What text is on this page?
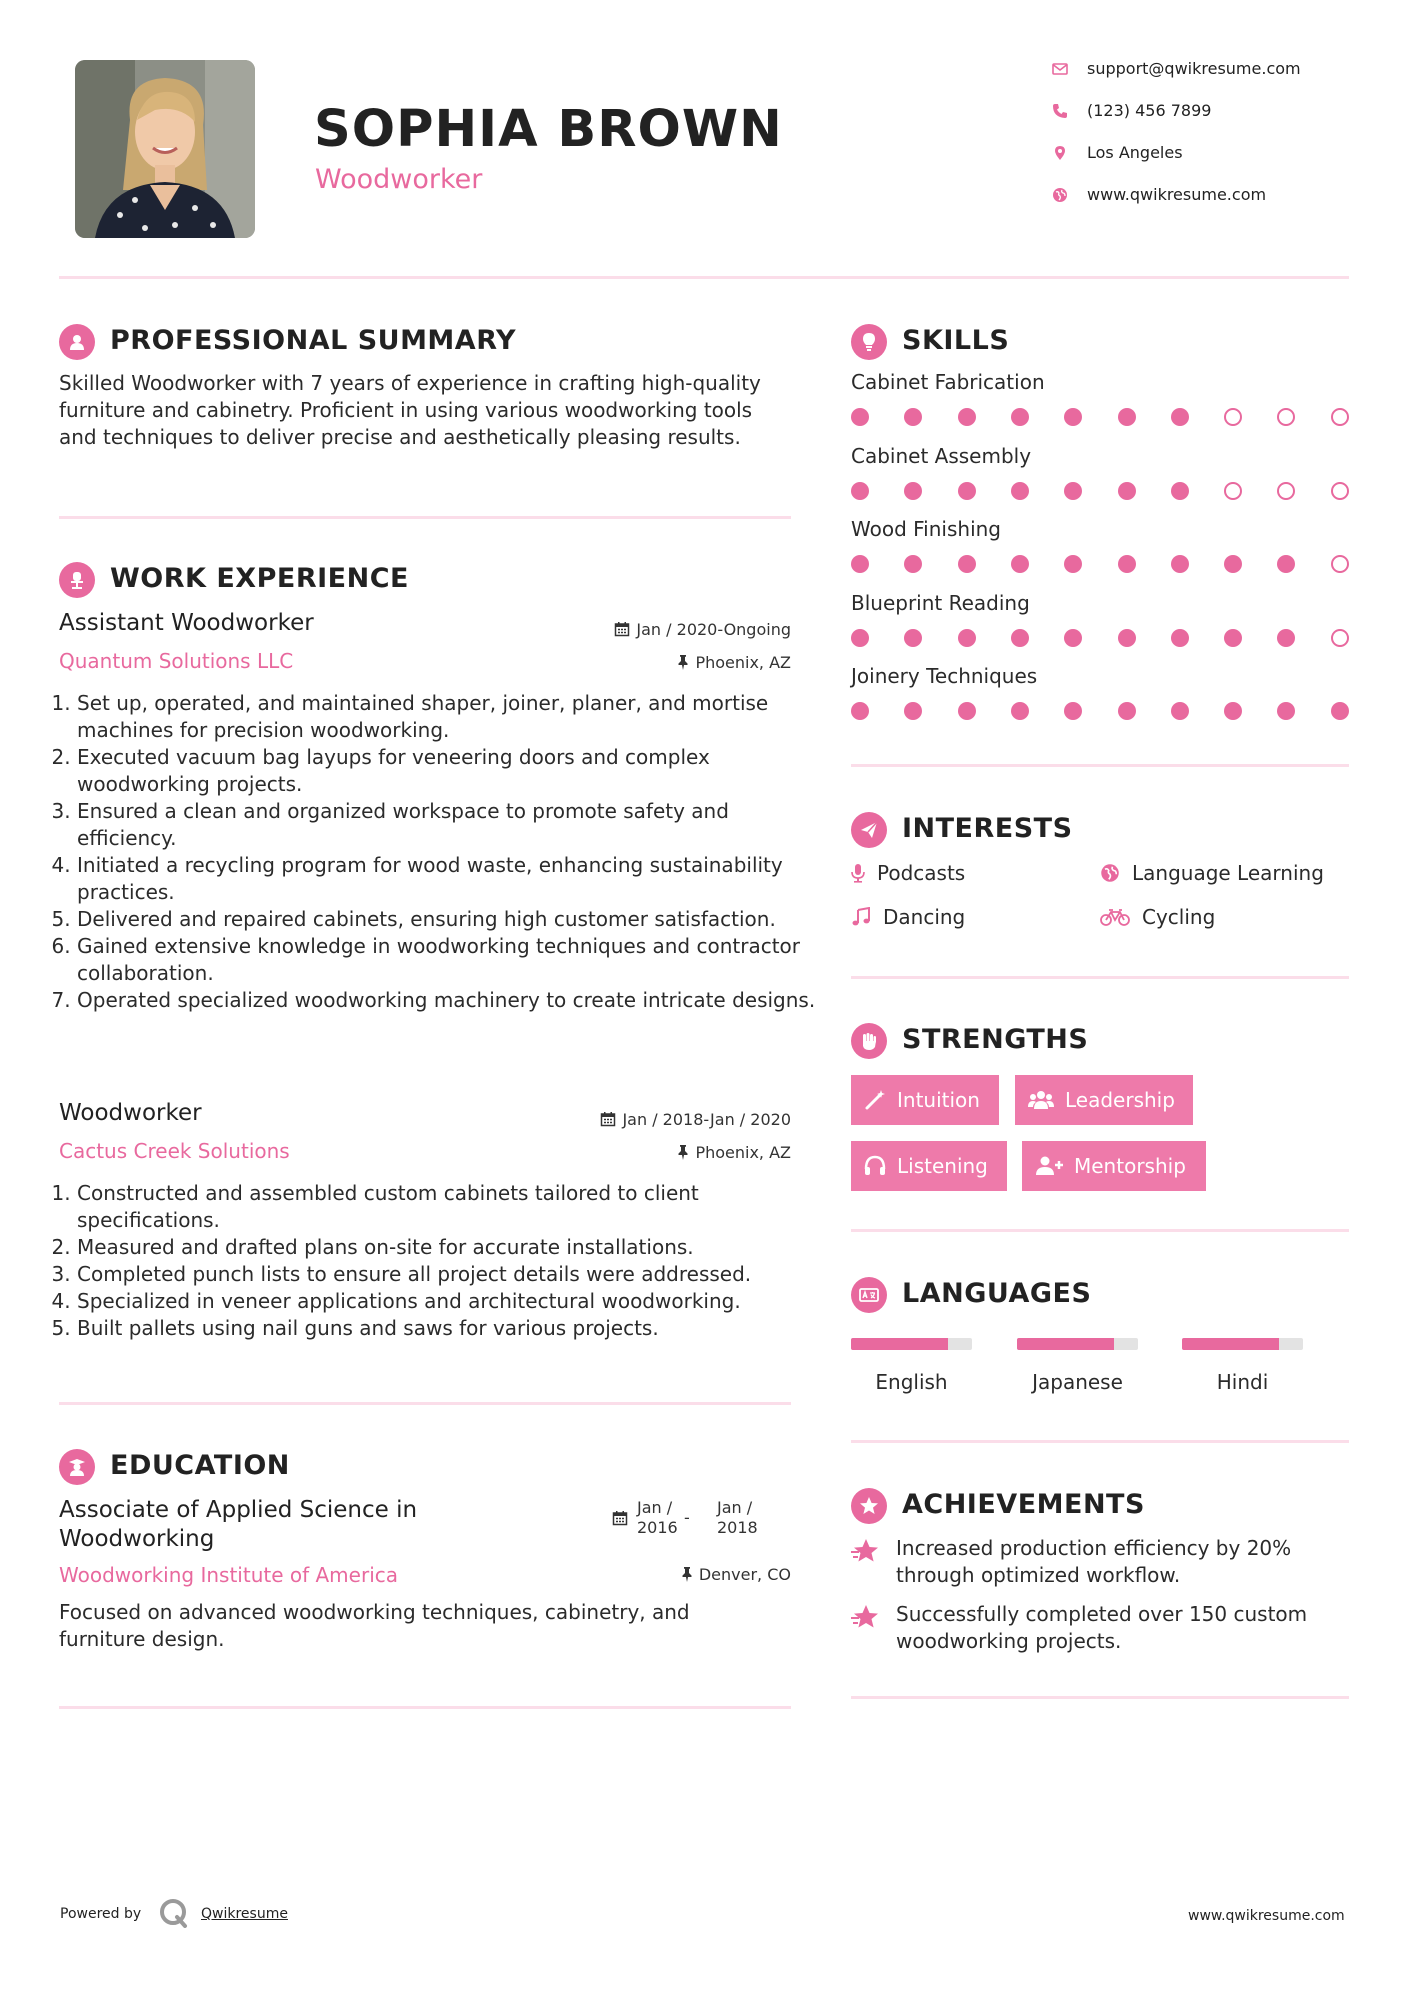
SOPHIA BROWN
Woodworker
support@qwikresume.com
(123) 456 7899
Los Angeles
www.qwikresume.com
PROFESSIONAL SUMMARY
Skilled Woodworker with 7 years of experience in crafting high-quality furniture and cabinetry. Proficient in using various woodworking tools and techniques to deliver precise and aesthetically pleasing results.
WORK EXPERIENCE
Assistant Woodworker	Jan / 2020-Ongoing
Quantum Solutions LLC	Phoenix, AZ
1. Set up, operated, and maintained shaper, joiner, planer, and mortise machines for precision woodworking.
2. Executed vacuum bag layups for veneering doors and complex woodworking projects.
3. Ensured a clean and organized workspace to promote safety and efficiency.
4. Initiated a recycling program for wood waste, enhancing sustainability practices.
5. Delivered and repaired cabinets, ensuring high customer satisfaction.
6. Gained extensive knowledge in woodworking techniques and contractor collaboration.
7. Operated specialized woodworking machinery to create intricate designs.
Woodworker	Jan / 2018-Jan / 2020
Cactus Creek Solutions	Phoenix, AZ
1. Constructed and assembled custom cabinets tailored to client specifications.
2. Measured and drafted plans on-site for accurate installations.
3. Completed punch lists to ensure all project details were addressed.
4. Specialized in veneer applications and architectural woodworking.
5. Built pallets using nail guns and saws for various projects.
EDUCATION
Associate of Applied Science in
Woodworking
Jan /
2016
-
Jan /
2018
Woodworking Institute of America	Denver, CO
Focused on advanced woodworking techniques, cabinetry, and furniture design.
SKILLS
Cabinet Fabrication
Cabinet Assembly
Wood Finishing
Blueprint Reading
Joinery Techniques
INTERESTS
Podcasts	Language Learning
Dancing	Cycling
STRENGTHS
Intuition	Leadership
Listening	Mentorship
LANGUAGES
English	Japanese	Hindi
ACHIEVEMENTS
Increased production efficiency by 20% through optimized workflow.
Successfully completed over 150 custom woodworking projects.
Powered by	Qwikresume	www.qwikresume.com
